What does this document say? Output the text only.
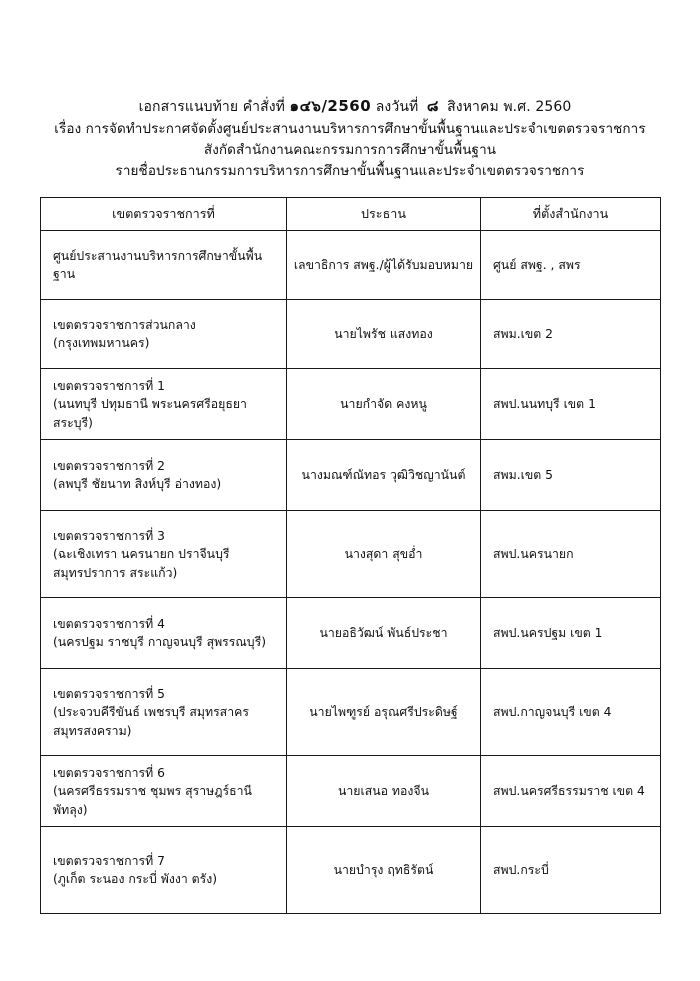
เอกสารแนบท้าย คำสั่งที่ ๑๔๖/2560 ลงวันที่ ๘ สิงหาคม พ.ศ. 2560
เรื่อง การจัดทำประกาศจัดตั้งศูนย์ประสานงานบริหารการศึกษาขั้นพื้นฐานและประจำเขตตรวจราชการ
สังกัดสำนักงานคณะกรรมการการศึกษาขั้นพื้นฐาน
รายชื่อประธานกรรมการบริหารการศึกษาขั้นพื้นฐานและประจำเขตตรวจราชการ
เขตตรวจราชการที่	ประธาน	ที่ตั้งสำนักงาน

ศูนย์ประสานงานบริหารการศึกษาขั้นพื้นฐาน	เลขาธิการ สพฐ./ผู้ได้รับมอบหมาย	ศูนย์ สพฐ. , สพร

เขตตรวจราชการส่วนกลาง (กรุงเทพมหานคร)	นายไพรัช แสงทอง	สพม.เขต 2

เขตตรวจราชการที่ 1
(นนทบุรี ปทุมธานี พระนครศรีอยุธยา สระบุรี)	นายกำจัด คงหนู	สพป.นนทบุรี เขต 1

เขตตรวจราชการที่ 2
(ลพบุรี ชัยนาท สิงห์บุรี อ่างทอง)	นางมณฑ์ณัทอร วุฒิวิชญานันต์	สพม.เขต 5

เขตตรวจราชการที่ 3
(ฉะเชิงเทรา นครนายก ปราจีนบุรี
สมุทรปราการ สระแก้ว)	นางสุดา สุขอ่ำ	สพป.นครนายก

เขตตรวจราชการที่ 4
(นครปฐม ราชบุรี กาญจนบุรี สุพรรณบุรี)	นายอธิวัฒน์ พันธ์ประชา	สพป.นครปฐม เขต 1

เขตตรวจราชการที่ 5
(ประจวบคีรีขันธ์ เพชรบุรี สมุทรสาคร
สมุทรสงคราม)	นายไพฑูรย์ อรุณศรีประดิษฐ์	สพป.กาญจนบุรี เขต 4

เขตตรวจราชการที่ 6
(นครศรีธรรมราช ชุมพร สุราษฎร์ธานี พัทลุง)	นายเสนอ ทองจีน	สพป.นครศรีธรรมราช เขต 4

เขตตรวจราชการที่ 7
(ภูเก็ต ระนอง กระบี่ พังงา ตรัง)	นายบำรุง ฤทธิรัตน์	สพป.กระบี่
